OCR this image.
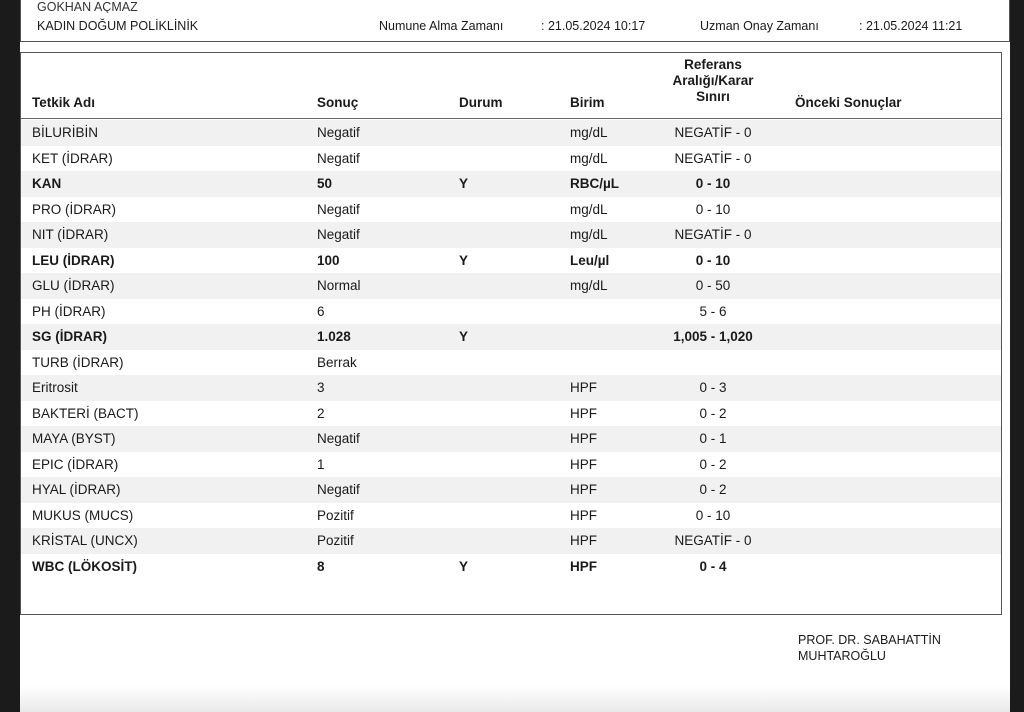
GÖKHAN AÇMAZ
KADIN DOĞUM POLİKLİNİK	Numune Alma Zamanı	: 21.05.2024 10:17	Uzman Onay Zamanı	: 21.05.2024 11:21
Tetkik Adı	Sonuç	Durum	Birim
Referans
Aralığı/Karar
Sınırı	Önceki Sonuçlar
BİLURİBİN	Negatif	mg/dL	NEGATİF - 0
KET (İDRAR)	Negatif	mg/dL	NEGATİF - 0
KAN	50	Y	RBC/µL	0 - 10
PRO (İDRAR)	Negatif	mg/dL	0 - 10
NIT (İDRAR)	Negatif	mg/dL	NEGATİF - 0
LEU (İDRAR)	100	Y	Leu/µl	0 - 10
GLU (İDRAR)	Normal	mg/dL	0 - 50
PH (İDRAR)	6	5 - 6
SG (İDRAR)	1.028	Y	1,005 - 1,020
TURB (İDRAR)	Berrak
Eritrosit	3	HPF	0 - 3
BAKTERİ (BACT)	2	HPF	0 - 2
MAYA (BYST)	Negatif	HPF	0 - 1
EPIC (İDRAR)	1	HPF	0 - 2
HYAL (İDRAR)	Negatif	HPF	0 - 2
MUKUS (MUCS)	Pozitif	HPF	0 - 10
KRİSTAL (UNCX)	Pozitif	HPF	NEGATİF - 0
WBC (LÖKOSİT)	8	Y	HPF	0 - 4
PROF. DR. SABAHATTİN
MUHTAROĞLU
